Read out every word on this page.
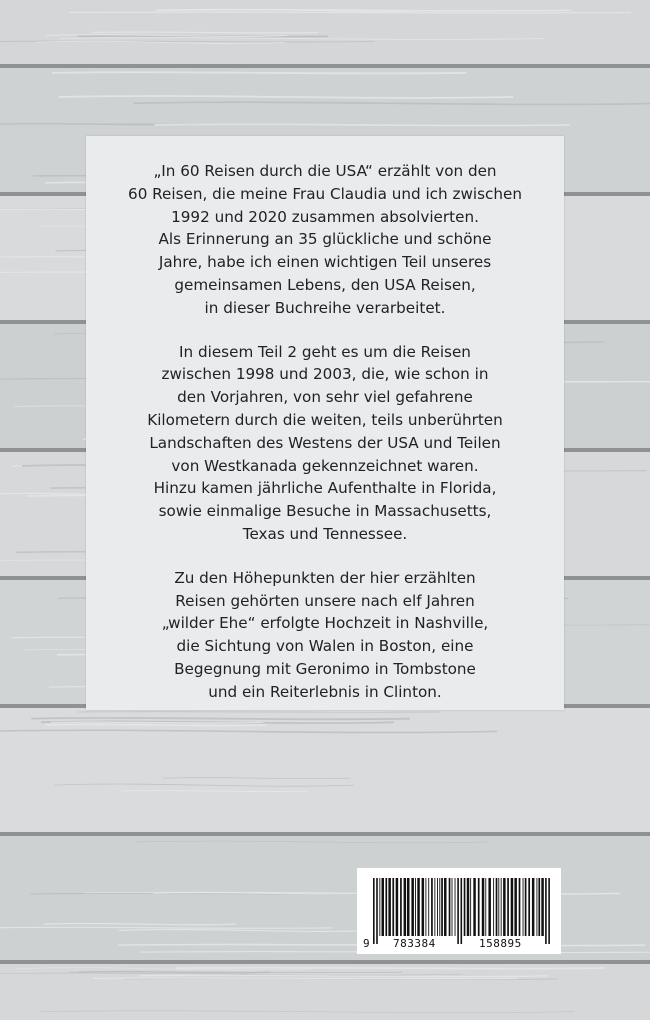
„In 60 Reisen durch die USA“ erzählt von den
60 Reisen, die meine Frau Claudia und ich zwischen
1992 und 2020 zusammen absolvierten.
Als Erinnerung an 35 glückliche und schöne
Jahre, habe ich einen wichtigen Teil unseres
gemeinsamen Lebens, den USA Reisen,
in dieser Buchreihe verarbeitet.

In diesem Teil 2 geht es um die Reisen
zwischen 1998 und 2003, die, wie schon in
den Vorjahren, von sehr viel gefahrene
Kilometern durch die weiten, teils unberührten
Landschaften des Westens der USA und Teilen
von Westkanada gekennzeichnet waren.
Hinzu kamen jährliche Aufenthalte in Florida,
sowie einmalige Besuche in Massachusetts,
Texas und Tennessee.

Zu den Höhepunkten der hier erzählten
Reisen gehörten unsere nach elf Jahren
„wilder Ehe“ erfolgte Hochzeit in Nashville,
die Sichtung von Walen in Boston, eine
Begegnung mit Geronimo in Tombstone
und ein Reiterlebnis in Clinton.

9 783384	158895
